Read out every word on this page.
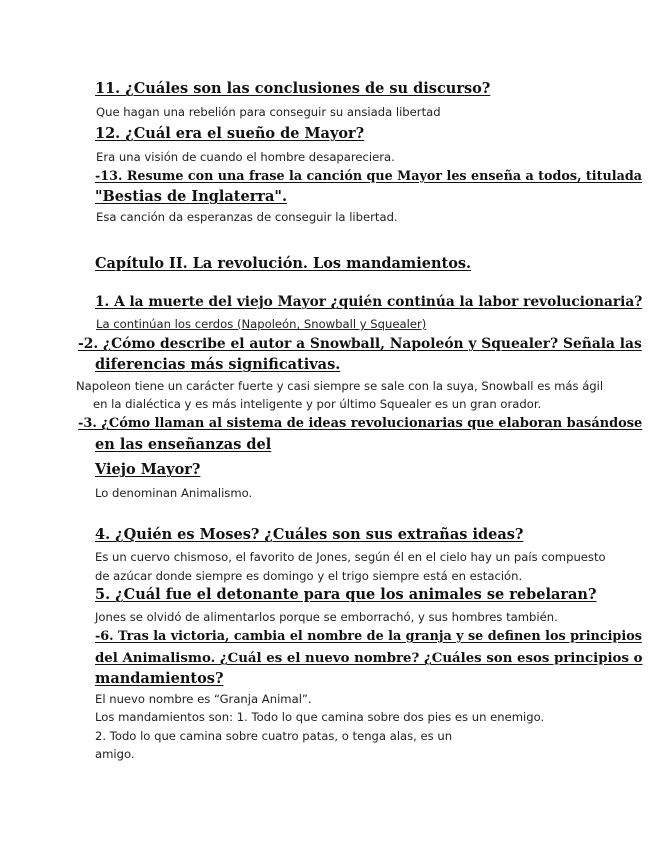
11. ¿Cuáles son las conclusiones de su discurso?
Que hagan una rebelión para conseguir su ansiada libertad
12. ¿Cuál era el sueño de Mayor?
Era una visión de cuando el hombre desapareciera.
-13. Resume con una frase la canción que Mayor les enseña a todos, titulada
"Bestias de Inglaterra".
Esa canción da esperanzas de conseguir la libertad.
Capítulo II. La revolución. Los mandamientos.
1. A la muerte del viejo Mayor ¿quién continúa la labor revolucionaria?
La continúan los cerdos (Napoleón, Snowball y Squealer)
-2. ¿Cómo describe el autor a Snowball, Napoleón y Squealer? Señala las
diferencias más significativas.
Napoleon tiene un carácter fuerte y casi siempre se sale con la suya, Snowball es más ágil
en la dialéctica y es más inteligente y por último Squealer es un gran orador.
-3. ¿Cómo llaman al sistema de ideas revolucionarias que elaboran basándose
en las enseñanzas del
Viejo Mayor?
Lo denominan Animalismo.
4. ¿Quién es Moses? ¿Cuáles son sus extrañas ideas?
Es un cuervo chismoso, el favorito de Jones, según él en el cielo hay un país compuesto
de azúcar donde siempre es domingo y el trigo siempre está en estación.
5. ¿Cuál fue el detonante para que los animales se rebelaran?
Jones se olvidó de alimentarlos porque se emborrachó, y sus hombres también.
-6. Tras la victoria, cambia el nombre de la granja y se definen los principios
del Animalismo. ¿Cuál es el nuevo nombre? ¿Cuáles son esos principios o
mandamientos?
El nuevo nombre es “Granja Animal”.
Los mandamientos son: 1. Todo lo que camina sobre dos pies es un enemigo.
2. Todo lo que camina sobre cuatro patas, o tenga alas, es un
amigo.
